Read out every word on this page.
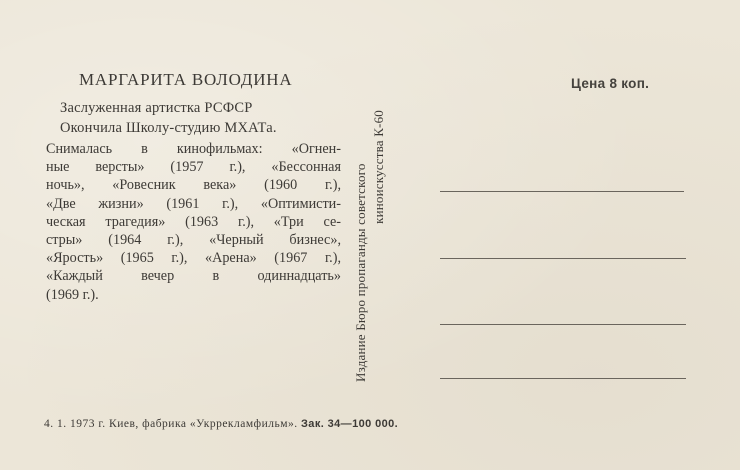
МАРГАРИТА ВОЛОДИНА
Заслуженная артистка РСФСР
Окончила Школу-студию МХАТа.
Снималась в кинофильмах: «Огнен-
ные версты» (1957 г.), «Бессонная
ночь», «Ровесник века» (1960 г.),
«Две жизни» (1961 г.), «Оптимисти-
ческая трагедия» (1963 г.), «Три се-
стры» (1964 г.), «Черный бизнес»,
«Ярость» (1965 г.), «Арена» (1967 г.),
«Каждый вечер в одиннадцать»
(1969 г.).
Цена 8 коп.
Издание Бюро пропаганды советского киноискусства К-60
4. 1. 1973 г. Киев, фабрика «Укррекламфильм». Зак. 34—100 000.
